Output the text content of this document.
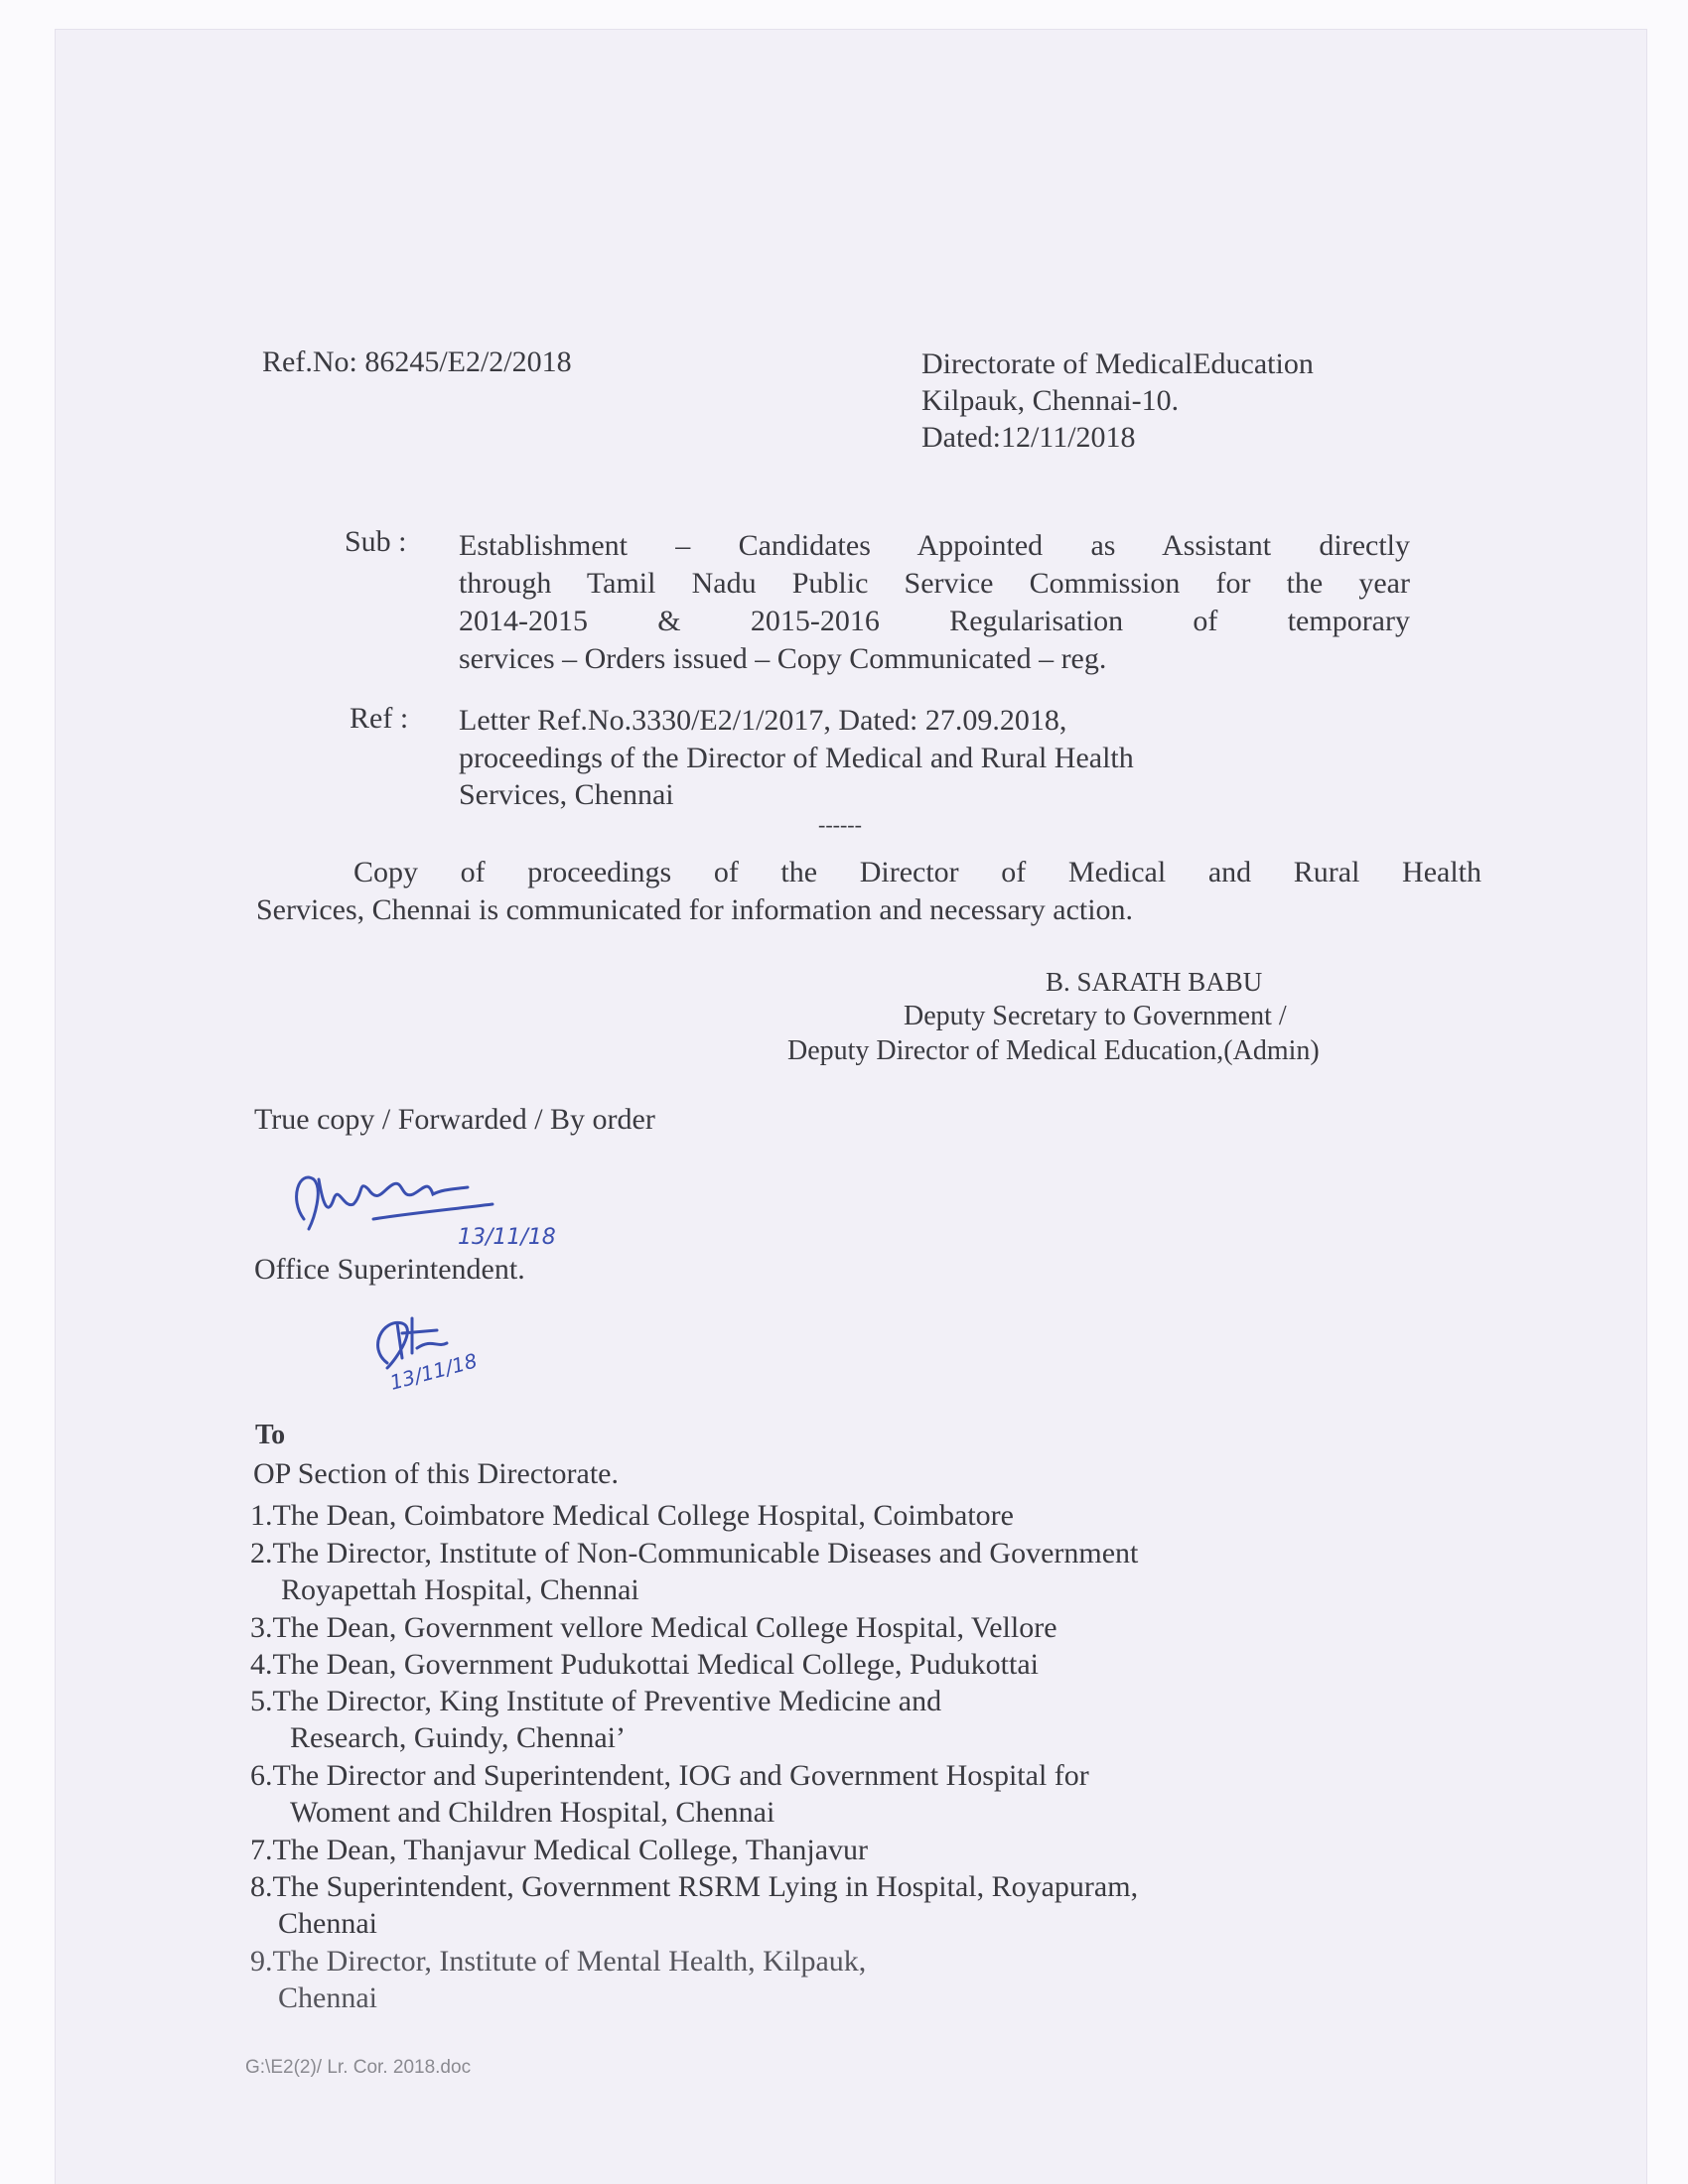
Ref.No: 86245/E2/2/2018	Directorate of MedicalEducation
Kilpauk, Chennai-10.
Dated:12/11/2018
Sub : Establishment – Candidates Appointed as Assistant directly
through Tamil Nadu Public Service Commission for the year
2014-2015 & 2015-2016 Regularisation of temporary
services – Orders issued – Copy Communicated – reg.
Ref : Letter Ref.No.3330/E2/1/2017, Dated: 27.09.2018,
proceedings of the Director of Medical and Rural Health
Services, Chennai
------
Copy of proceedings of the Director of Medical and Rural Health
Services, Chennai is communicated for information and necessary action.
B. SARATH BABU
Deputy Secretary to Government /
Deputy Director of Medical Education,(Admin)
True copy / Forwarded / By order
13/11/18
Office Superintendent.
13/11/18
To
OP Section of this Directorate.
1.The Dean, Coimbatore Medical College Hospital, Coimbatore
2.The Director, Institute of Non-Communicable Diseases and Government
Royapettah Hospital, Chennai
3.The Dean, Government vellore Medical College Hospital, Vellore
4.The Dean, Government Pudukottai Medical College, Pudukottai
5.The Director, King Institute of Preventive Medicine and
Research, Guindy, Chennai’
6.The Director and Superintendent, IOG and Government Hospital for
Woment and Children Hospital, Chennai
7.The Dean, Thanjavur Medical College, Thanjavur
8.The Superintendent, Government RSRM Lying in Hospital, Royapuram,
Chennai
9.The Director, Institute of Mental Health, Kilpauk,
Chennai
G:\E2(2)/ Lr. Cor. 2018.doc
